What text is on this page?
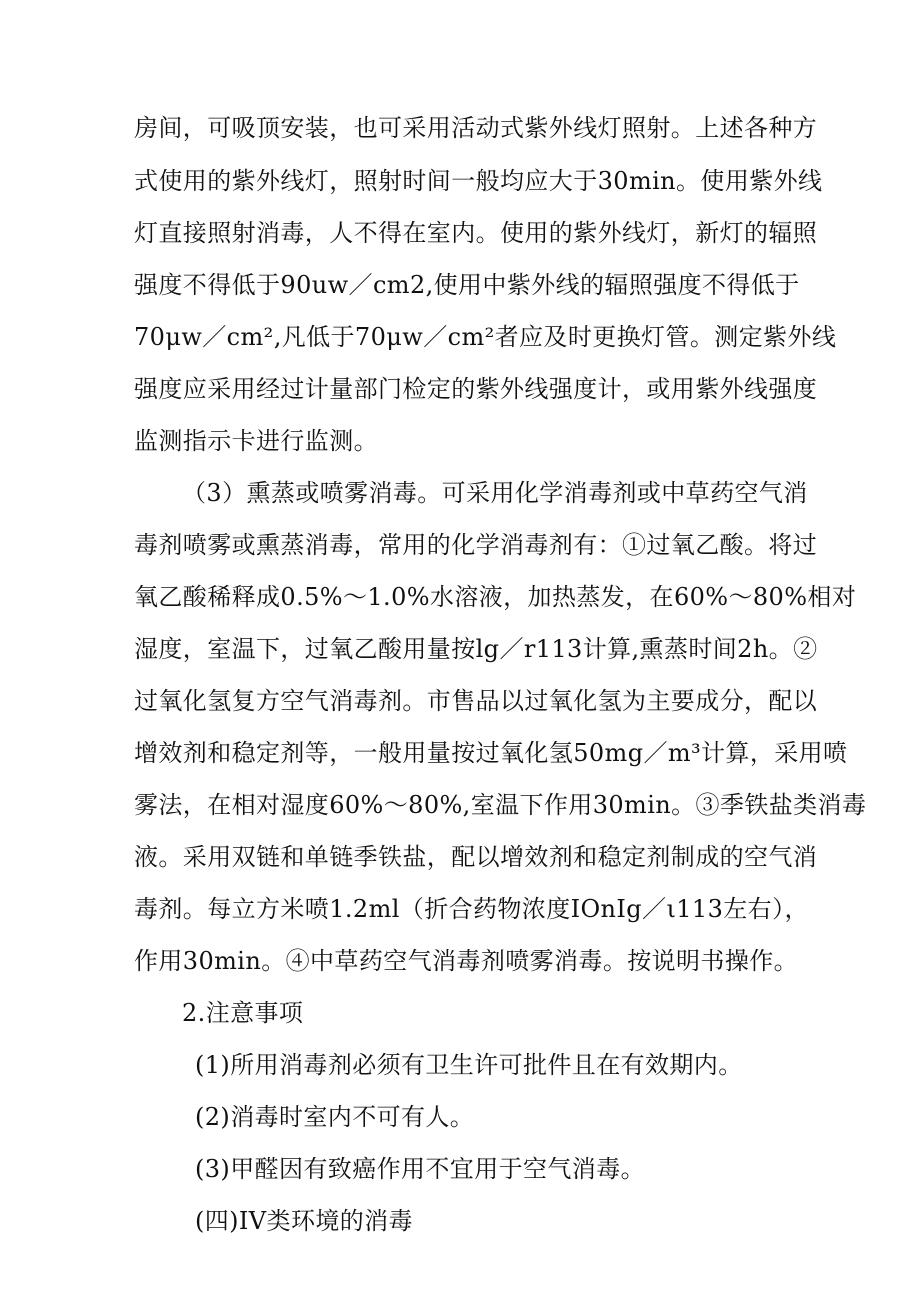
房间，可吸顶安装，也可采用活动式紫外线灯照射。上述各种方
式使用的紫外线灯，照射时间一般均应大于30min。使用紫外线
灯直接照射消毒，人不得在室内。使用的紫外线灯，新灯的辐照
强度不得低于90uw／cm2,使用中紫外线的辐照强度不得低于
70μw／cm²,凡低于70μw／cm²者应及时更换灯管。测定紫外线
强度应采用经过计量部门检定的紫外线强度计，或用紫外线强度
监测指示卡进行监测。
（3）熏蒸或喷雾消毒。可采用化学消毒剂或中草药空气消
毒剂喷雾或熏蒸消毒，常用的化学消毒剂有：①过氧乙酸。将过
氧乙酸稀释成0.5%～1.0%水溶液，加热蒸发，在60%～80%相对
湿度，室温下，过氧乙酸用量按lg／r113计算,熏蒸时间2h。②
过氧化氢复方空气消毒剂。市售品以过氧化氢为主要成分，配以
增效剂和稳定剂等，一般用量按过氧化氢50mg／m³计算，采用喷
雾法，在相对湿度60%～80%,室温下作用30min。③季铁盐类消毒
液。采用双链和单链季铁盐，配以增效剂和稳定剂制成的空气消
毒剂。每立方米喷1.2ml（折合药物浓度IOnIg／ι113左右），
作用30min。④中草药空气消毒剂喷雾消毒。按说明书操作。
2.注意事项
(1)所用消毒剂必须有卫生许可批件且在有效期内。
(2)消毒时室内不可有人。
(3)甲醛因有致癌作用不宜用于空气消毒。
(四)IV类环境的消毒
